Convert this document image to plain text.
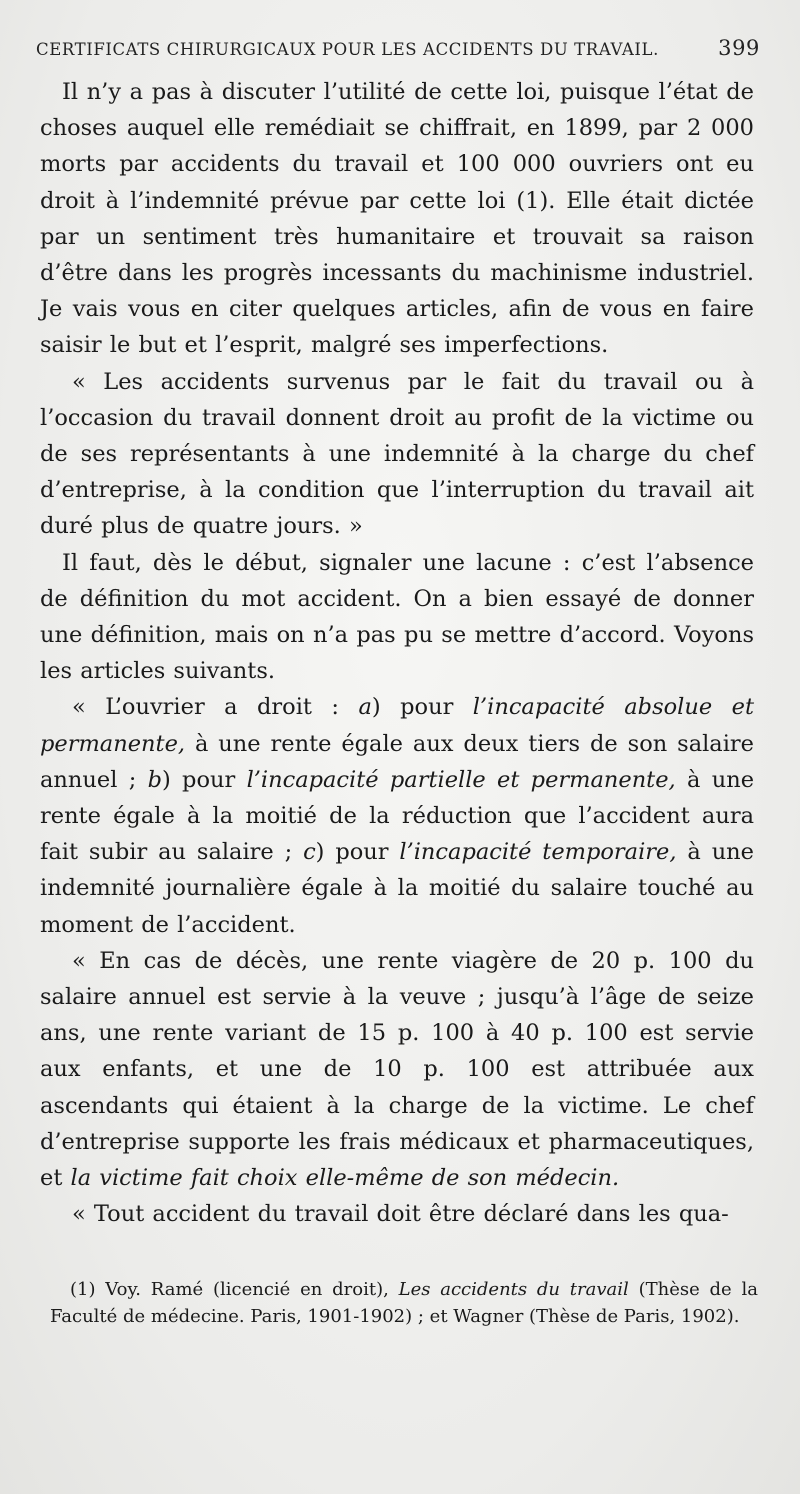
CERTIFICATS CHIRURGICAUX POUR LES ACCIDENTS DU TRAVAIL.	399

Il n’y a pas à discuter l’utilité de cette loi, puisque l’état de choses auquel elle remédiait se chiffrait, en 1899, par 2 000 morts par accidents du travail et 100 000 ouvriers ont eu droit à l’indemnité prévue par cette loi (1). Elle était dictée par un sentiment très humanitaire et trouvait sa raison d’être dans les progrès incessants du machinisme industriel. Je vais vous en citer quelques articles, afin de vous en faire saisir le but et l’esprit, malgré ses imperfections.

« Les accidents survenus par le fait du travail ou à l’occasion du travail donnent droit au profit de la victime ou de ses représentants à une indemnité à la charge du chef d’entreprise, à la condition que l’interruption du travail ait duré plus de quatre jours. »

Il faut, dès le début, signaler une lacune : c’est l’absence de définition du mot accident. On a bien essayé de donner une définition, mais on n’a pas pu se mettre d’accord. Voyons les articles suivants.

« L’ouvrier a droit : a) pour l’incapacité absolue et permanente, à une rente égale aux deux tiers de son salaire annuel ; b) pour l’incapacité partielle et permanente, à une rente égale à la moitié de la réduction que l’accident aura fait subir au salaire ; c) pour l’incapacité temporaire, à une indemnité journalière égale à la moitié du salaire touché au moment de l’accident.

« En cas de décès, une rente viagère de 20 p. 100 du salaire annuel est servie à la veuve ; jusqu’à l’âge de seize ans, une rente variant de 15 p. 100 à 40 p. 100 est servie aux enfants, et une de 10 p. 100 est attribuée aux ascendants qui étaient à la charge de la victime. Le chef d’entreprise supporte les frais médicaux et pharmaceutiques, et la victime fait choix elle-même de son médecin.

« Tout accident du travail doit être déclaré dans les qua-

(1) Voy. Ramé (licencié en droit), Les accidents du travail (Thèse de la Faculté de médecine. Paris, 1901-1902) ; et Wagner (Thèse de Paris, 1902).
